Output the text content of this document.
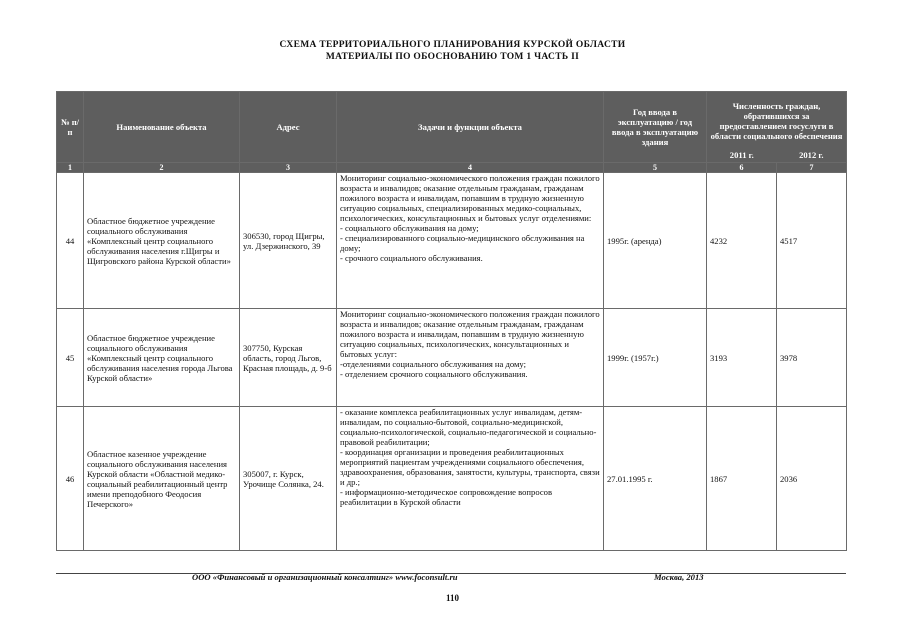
СХЕМА ТЕРРИТОРИАЛЬНОГО ПЛАНИРОВАНИЯ КУРСКОЙ ОБЛАСТИ
МАТЕРИАЛЫ ПО ОБОСНОВАНИЮ ТОМ 1 ЧАСТЬ II
№ п/п	Наименование объекта	Адрес	Задачи и функции объекта	Год ввода в эксплуатацию / год ввода в эксплуатацию здания	Численность граждан, обратившихся за предоставлением госуслуги в области социального обеспечения
2011 г. 2012 г.	

1	2	3	4	5	6	7
44	Областное бюджетное учреждение социального обслуживания «Комплексный центр социального обслуживания населения г.Щигры и Щигровского района Курской области»	306530, город Щигры, ул. Дзержинского, 39	Мониторинг социально-экономического положения граждан пожилого возраста и инвалидов; оказание отдельным гражданам, гражданам пожилого возраста и инвалидам, попавшим в трудную жизненную ситуацию социальных, специализированных медико-социальных, психологических, консультационных и бытовых услуг отделениями:
- социального обслуживания на дому;
- специализированного социально-медицинского обслуживания на дому;
- срочного социального обслуживания.	1995г. (аренда)	4232	4517
45	Областное бюджетное учреждение социального обслуживания «Комплексный центр социального обслуживания населения города Льгова Курской области»	307750, Курская область, город Льгов, Красная площадь, д. 9-б	Мониторинг социально-экономического положения граждан пожилого возраста и инвалидов; оказание отдельным гражданам, гражданам пожилого возраста и инвалидам, попавшим в трудную жизненную ситуацию социальных, психологических, консультационных и бытовых услуг:
-отделениями социального обслуживания на дому;
- отделением срочного социального обслуживания.	1999г. (1957г.)	3193	3978
46	Областное казенное учреждение социального обслуживания населения Курской области «Областной медико-социальный реабилитационный центр имени преподобного Феодосия Печерского»	305007, г. Курск, Урочище Солянка, 24.	- оказание комплекса реабилитационных услуг инвалидам, детям-инвалидам, по социально-бытовой, социально-медицинской, социально-психологической, социально-педагогической и социально-правовой реабилитации;
- координация организации и проведения реабилитационных мероприятий пациентам учреждениями социального обеспечения, здравоохранения, образования, занятости, культуры, транспорта, связи и др.;
- информационно-методическое сопровождение вопросов реабилитации в Курской области	27.01.1995 г.	1867	2036
ООО «Финансовый и организационный консалтинг» www.foconsult.ru	Москва, 2013
110
